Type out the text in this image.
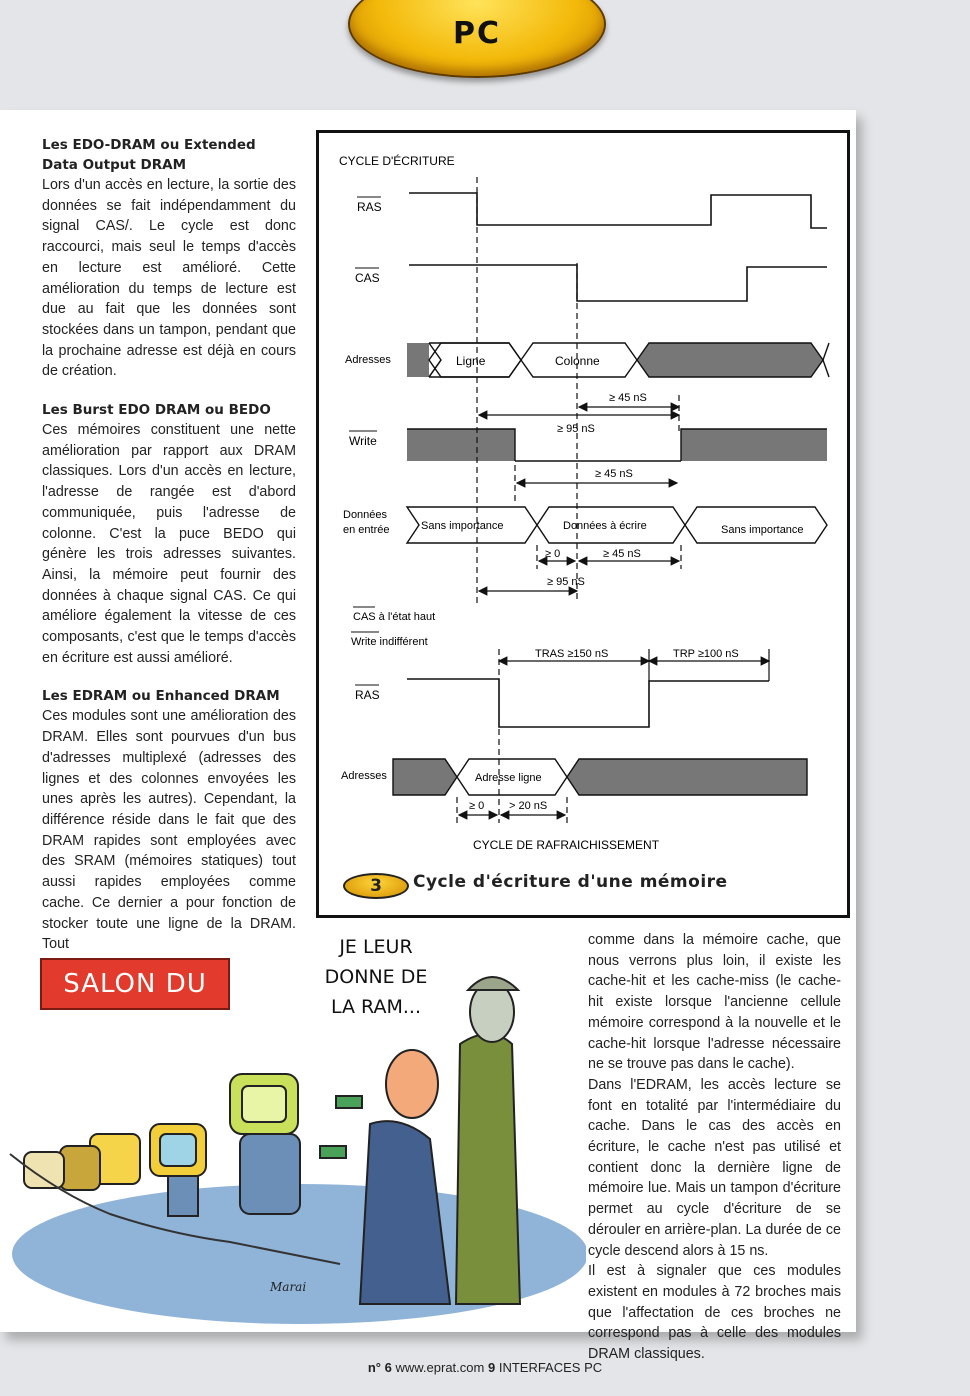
PC
Les EDO-DRAM ou Extended Data Output DRAM

Lors d'un accès en lecture, la sortie des données se fait indépendamment du signal CAS/. Le cycle est donc raccourci, mais seul le temps d'accès en lecture est amélioré. Cette amélioration du temps de lecture est due au fait que les données sont stockées dans un tampon, pendant que la prochaine adresse est déjà en cours de création.

Les Burst EDO DRAM ou BEDO

Ces mémoires constituent une nette amélioration par rapport aux DRAM classiques. Lors d'un accès en lecture, l'adresse de rangée est d'abord communiquée, puis l'adresse de colonne. C'est la puce BEDO qui génère les trois adresses suivantes. Ainsi, la mémoire peut fournir des données à chaque signal CAS. Ce qui améliore également la vitesse de ces composants, c'est que le temps d'accès en écriture est aussi amélioré.

Les EDRAM ou Enhanced DRAM

Ces modules sont une amélioration des DRAM. Elles sont pourvues d'un bus d'adresses multiplexé (adresses des lignes et des colonnes envoyées les unes après les autres). Cependant, la différence réside dans le fait que des DRAM rapides sont employées avec des SRAM (mémoires statiques) tout aussi rapides employées comme cache. Ce dernier a pour fonction de stocker toute une ligne de la DRAM. Tout

CYCLE D'ÉCRITURE
RAS
CAS
Adresses
Write
Données
en entrée
Ligne	Colonne
Sans importance	Données à écrire	Sans importance
≥ 45 nS
≥ 95 nS
≥ 45 nS
≥ 0	≥ 45 nS
≥ 95 nS
CAS à l'état haut
Write indifférent
TRAS ≥150 nS	TRP ≥100 nS
RAS
Adresses	Adresse ligne
≥ 0 > 20 nS
CYCLE DE RAFRAICHISSEMENT
3	Cycle d'écriture d'une mémoire
SALON DU PC
JE LEUR DONNE DE LA RAM...
Marai

comme dans la mémoire cache, que nous verrons plus loin, il existe les cache-hit et les cache-miss (le cache-hit existe lorsque l'ancienne cellule mémoire correspond à la nouvelle et le cache-hit lorsque l'adresse nécessaire ne se trouve pas dans le cache).

Dans l'EDRAM, les accès lecture se font en totalité par l'intermédiaire du cache. Dans le cas des accès en écriture, le cache n'est pas utilisé et contient donc la dernière ligne de mémoire lue. Mais un tampon d'écriture permet au cycle d'écriture de se dérouler en arrière-plan. La durée de ce cycle descend alors à 15 ns.

Il est à signaler que ces modules existent en modules à 72 broches mais que l'affectation de ces broches ne correspond pas à celle des modules DRAM classiques.

n° 6 www.eprat.com 9 INTERFACES PC
